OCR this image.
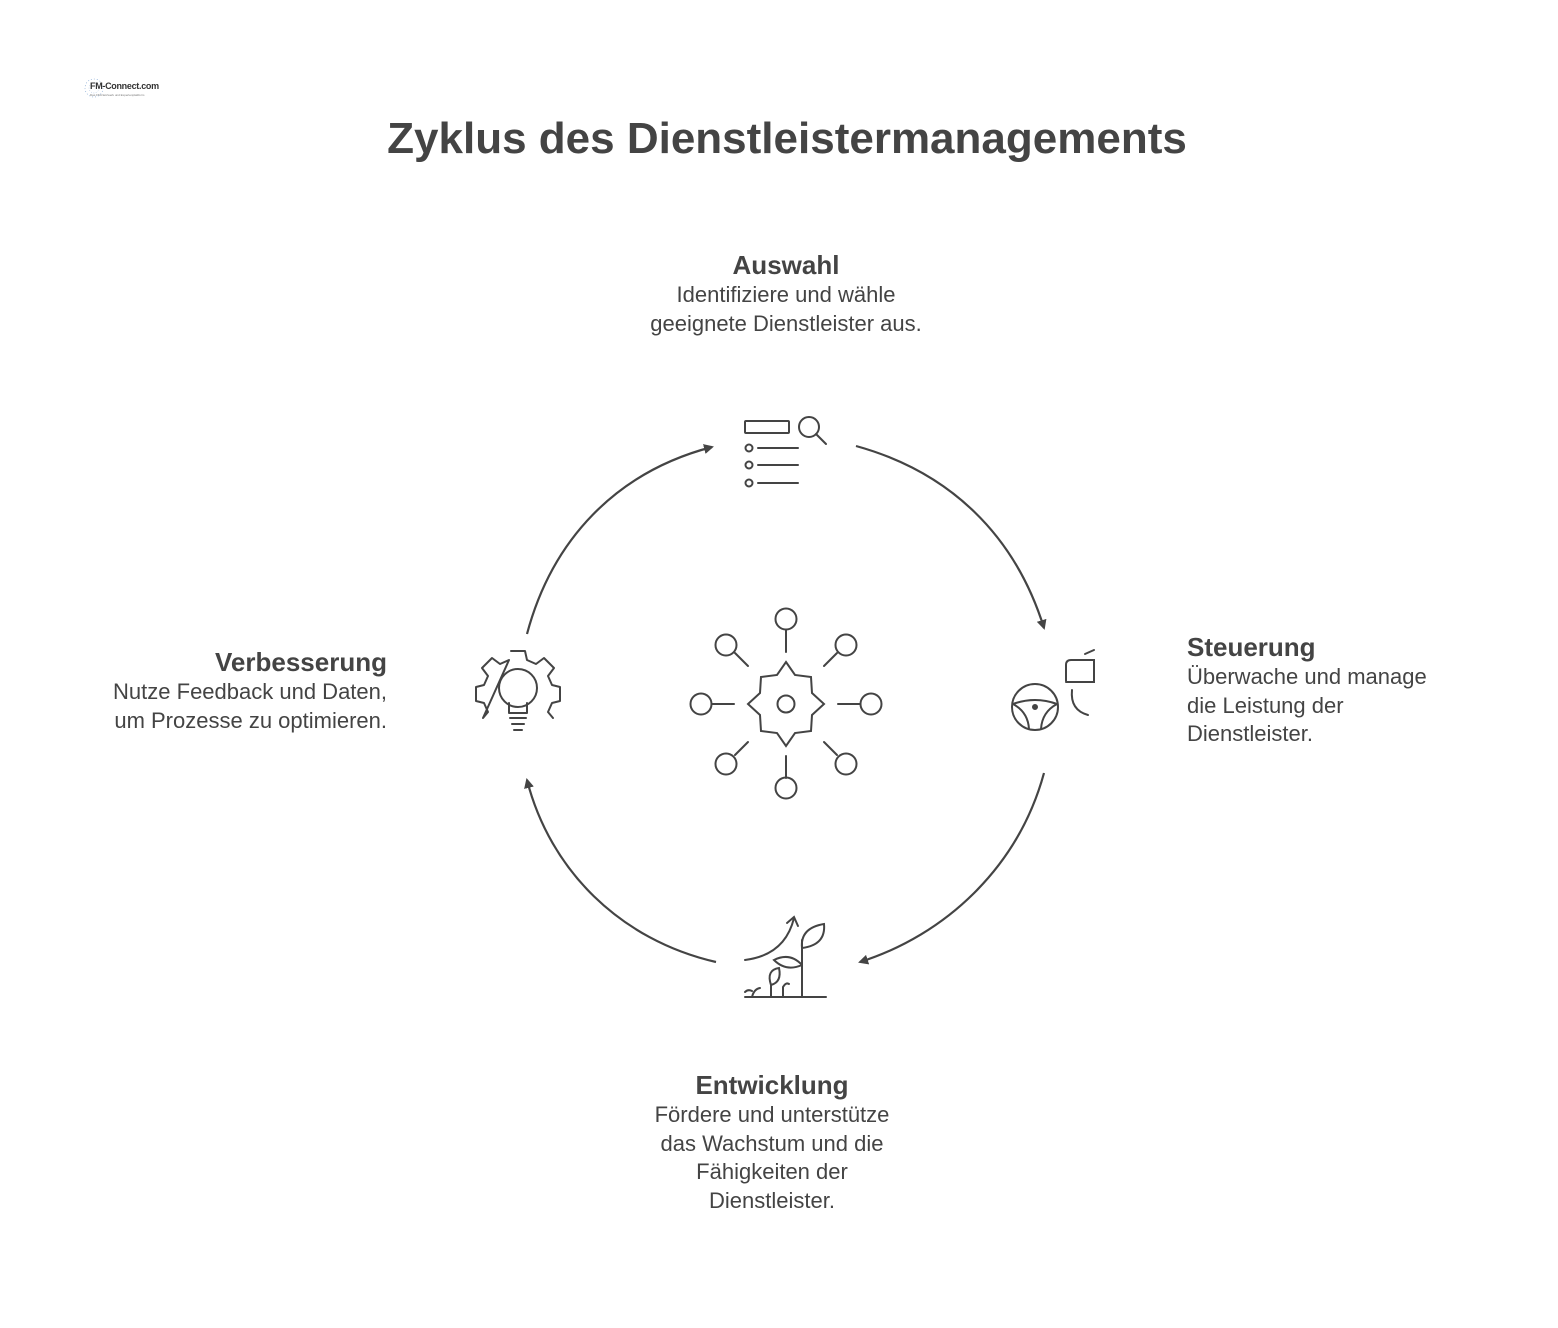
FM-Connect.com
Das FM-Netzwerk und Expertenplattform
Zyklus des Dienstleistermanagements
Auswahl

Identifiziere und wähle
geeignete Dienstleister aus.

Steuerung

Überwache und manage
die Leistung der
Dienstleister.

Entwicklung

Fördere und unterstütze
das Wachstum und die
Fähigkeiten der
Dienstleister.

Verbesserung

Nutze Feedback und Daten,
um Prozesse zu optimieren.
